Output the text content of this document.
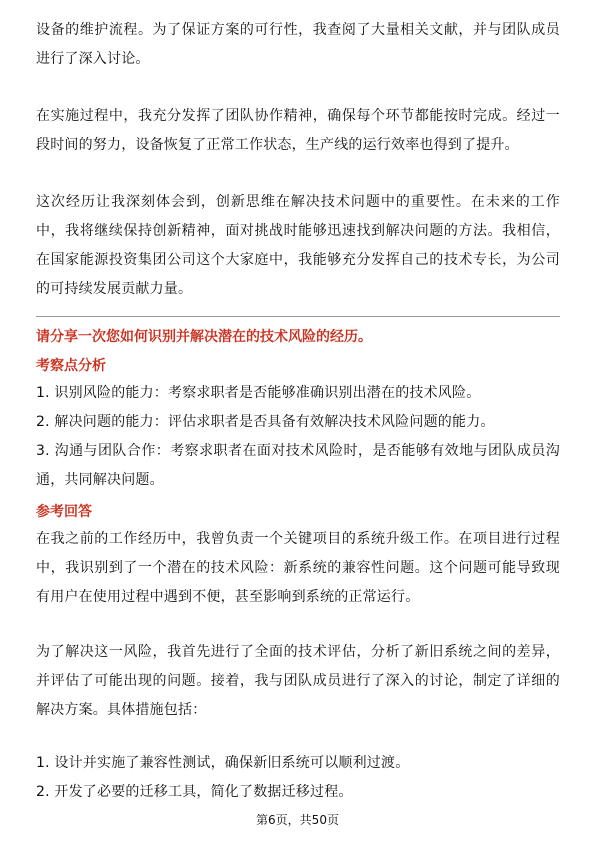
设备的维护流程。为了保证方案的可行性，我查阅了大量相关文献，并与团队成员进行了深入讨论。

在实施过程中，我充分发挥了团队协作精神，确保每个环节都能按时完成。经过一段时间的努力，设备恢复了正常工作状态，生产线的运行效率也得到了提升。

这次经历让我深刻体会到，创新思维在解决技术问题中的重要性。在未来的工作中，我将继续保持创新精神，面对挑战时能够迅速找到解决问题的方法。我相信，在国家能源投资集团公司这个大家庭中，我能够充分发挥自己的技术专长，为公司的可持续发展贡献力量。

请分享一次您如何识别并解决潜在的技术风险的经历。

考察点分析

1. 识别风险的能力：考察求职者是否能够准确识别出潜在的技术风险。
2. 解决问题的能力：评估求职者是否具备有效解决技术风险问题的能力。
3. 沟通与团队合作：考察求职者在面对技术风险时，是否能够有效地与团队成员沟通，共同解决问题。

参考回答

在我之前的工作经历中，我曾负责一个关键项目的系统升级工作。在项目进行过程中，我识别到了一个潜在的技术风险：新系统的兼容性问题。这个问题可能导致现有用户在使用过程中遇到不便，甚至影响到系统的正常运行。

为了解决这一风险，我首先进行了全面的技术评估，分析了新旧系统之间的差异，并评估了可能出现的问题。接着，我与团队成员进行了深入的讨论，制定了详细的解决方案。具体措施包括：

1. 设计并实施了兼容性测试，确保新旧系统可以顺利过渡。
2. 开发了必要的迁移工具，简化了数据迁移过程。
第6页，共50页
